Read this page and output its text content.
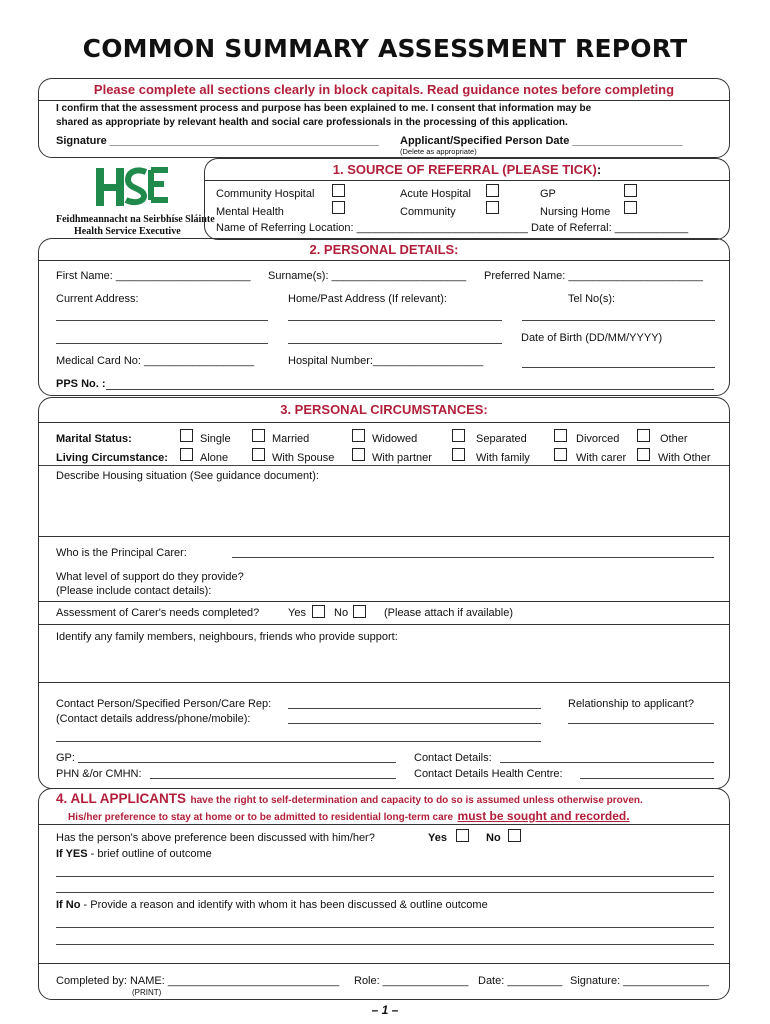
COMMON SUMMARY ASSESSMENT REPORT
Please complete all sections clearly in block capitals. Read guidance notes before completing
I confirm that the assessment process and purpose has been explained to me. I consent that information may be
shared as appropriate by relevant health and social care professionals in the processing of this application.
Signature ____________________________________________ Applicant/Specified Person Date __________________
(Delete as appropriate)
Feidhmeannacht na Seirbhíse Sláinte
Health Service Executive
1. SOURCE OF REFERRAL (PLEASE TICK):
Community Hospital	Acute Hospital	GP
Mental Health	Community	Nursing Home
Name of Referring Location: ____________________________ Date of Referral: ____________
2. PERSONAL DETAILS:
First Name: ______________________ Surname(s): ______________________ Preferred Name: ______________________
Current Address:	Home/Past Address (If relevant):	Tel No(s):
Date of Birth (DD/MM/YYYY)
Medical Card No: __________________	Hospital Number:__________________
PPS No. :
3. PERSONAL CIRCUMSTANCES:
Marital Status:
Living Circumstance:
Describe Housing situation (See guidance document):
Single	Married	Widowed	Separated	Divorced	Other
Alone	With Spouse	With partner	With family	With carer	With Other
Who is the Principal Carer:
What level of support do they provide?
(Please include contact details):
Assessment of Carer's needs completed?	Yes	No	(Please attach if available)
Identify any family members, neighbours, friends who provide support:
Contact Person/Specified Person/Care Rep:
(Contact details address/phone/mobile):
Relationship to applicant?
GP:	Contact Details:
PHN &/or CMHN:	Contact Details Health Centre:
4. ALL APPLICANTS have the right to self-determination and capacity to do so is assumed unless otherwise proven.
His/her preference to stay at home or to be admitted to residential long-term care must be sought and recorded.
Has the person's above preference been discussed with him/her?	Yes	No
If YES - brief outline of outcome
If No - Provide a reason and identify with whom it has been discussed & outline outcome
Completed by: NAME: ____________________________ Role: ______________ Date: _________ Signature: ______________
(PRINT)
– 1 –
